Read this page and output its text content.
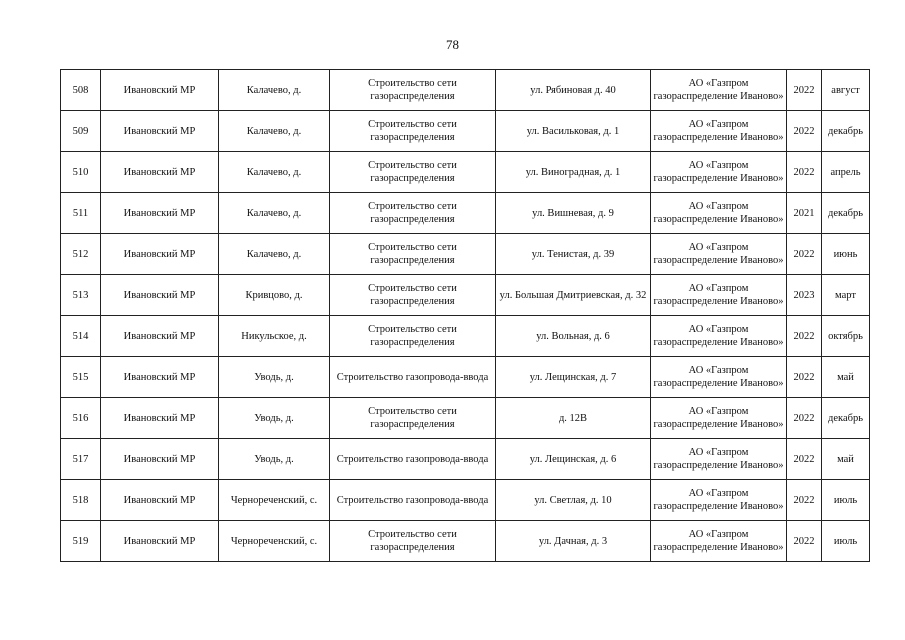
78
508	Ивановский МР	Калачево, д.	Строительство сети газораспределения	ул. Рябиновая д. 40	АО «Газпром газораспределение Иваново»	2022	август
509	Ивановский МР	Калачево, д.	Строительство сети газораспределения	ул. Васильковая, д. 1	АО «Газпром газораспределение Иваново»	2022	декабрь
510	Ивановский МР	Калачево, д.	Строительство сети газораспределения	ул. Виноградная, д. 1	АО «Газпром газораспределение Иваново»	2022	апрель
511	Ивановский МР	Калачево, д.	Строительство сети газораспределения	ул. Вишневая, д. 9	АО «Газпром газораспределение Иваново»	2021	декабрь
512	Ивановский МР	Калачево, д.	Строительство сети газораспределения	ул. Тенистая, д. 39	АО «Газпром газораспределение Иваново»	2022	июнь
513	Ивановский МР	Кривцово, д.	Строительство сети газораспределения	ул. Большая Дмитриевская, д. 32	АО «Газпром газораспределение Иваново»	2023	март
514	Ивановский МР	Никульское, д.	Строительство сети газораспределения	ул. Вольная, д. 6	АО «Газпром газораспределение Иваново»	2022	октябрь
515	Ивановский МР	Уводь, д.	Строительство газопровода-ввода	ул. Лещинская, д. 7	АО «Газпром газораспределение Иваново»	2022	май
516	Ивановский МР	Уводь, д.	Строительство сети газораспределения	д. 12В	АО «Газпром газораспределение Иваново»	2022	декабрь
517	Ивановский МР	Уводь, д.	Строительство газопровода-ввода	ул. Лещинская, д. 6	АО «Газпром газораспределение Иваново»	2022	май
518	Ивановский МР	Чернореченский, с.	Строительство газопровода-ввода	ул. Светлая, д. 10	АО «Газпром газораспределение Иваново»	2022	июль
519	Ивановский МР	Чернореченский, с.	Строительство сети газораспределения	ул. Дачная, д. 3	АО «Газпром газораспределение Иваново»	2022	июль
